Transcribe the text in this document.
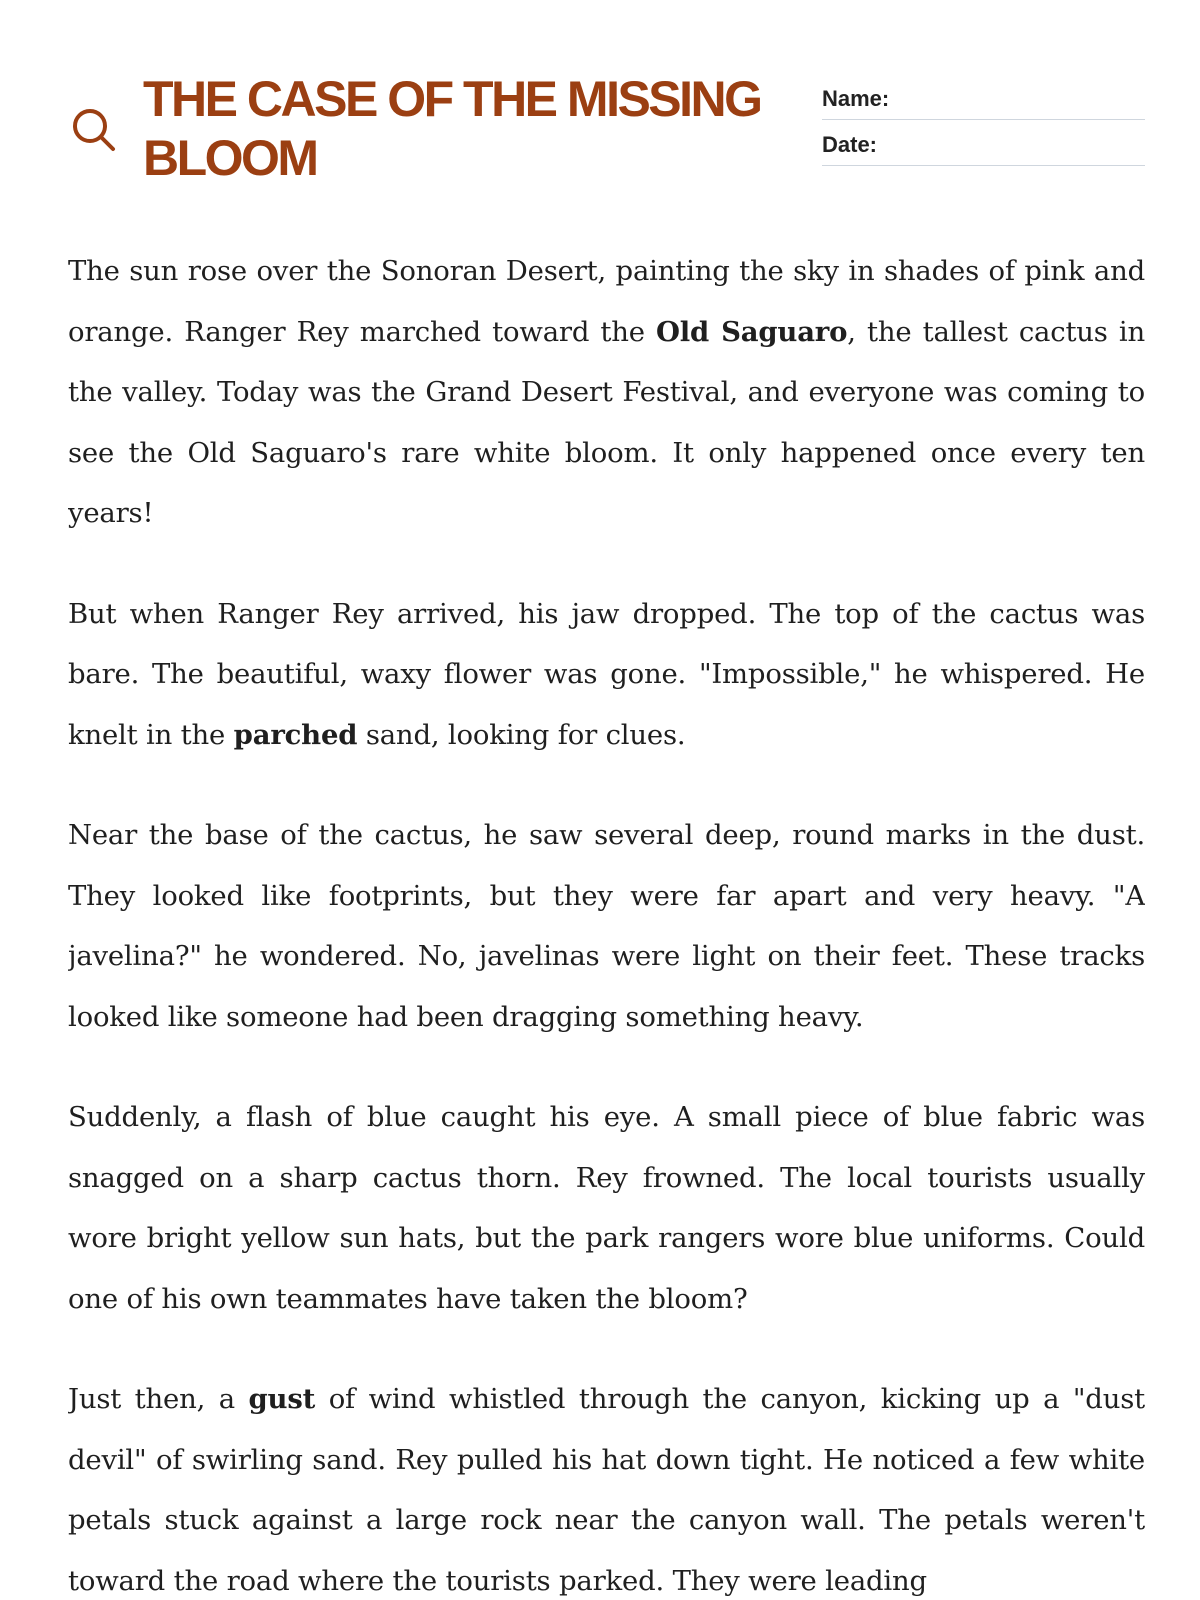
THE CASE OF THE MISSING BLOOM
Name:
Date:

The sun rose over the Sonoran Desert, painting the sky in shades of pink and orange. Ranger Rey marched toward the Old Saguaro, the tallest cactus in the valley. Today was the Grand Desert Festival, and everyone was coming to see the Old Saguaro's rare white bloom. It only happened once every ten years!

But when Ranger Rey arrived, his jaw dropped. The top of the cactus was bare. The beautiful, waxy flower was gone. "Impossible," he whispered. He knelt in the parched sand, looking for clues.

Near the base of the cactus, he saw several deep, round marks in the dust. They looked like footprints, but they were far apart and very heavy. "A javelina?" he wondered. No, javelinas were light on their feet. These tracks looked like someone had been dragging something heavy.

Suddenly, a flash of blue caught his eye. A small piece of blue fabric was snagged on a sharp cactus thorn. Rey frowned. The local tourists usually wore bright yellow sun hats, but the park rangers wore blue uniforms. Could one of his own teammates have taken the bloom?

Just then, a gust of wind whistled through the canyon, kicking up a "dust devil" of swirling sand. Rey pulled his hat down tight. He noticed a few white petals stuck against a large rock near the canyon wall. The petals weren't toward the road where the tourists parked. They were leading
